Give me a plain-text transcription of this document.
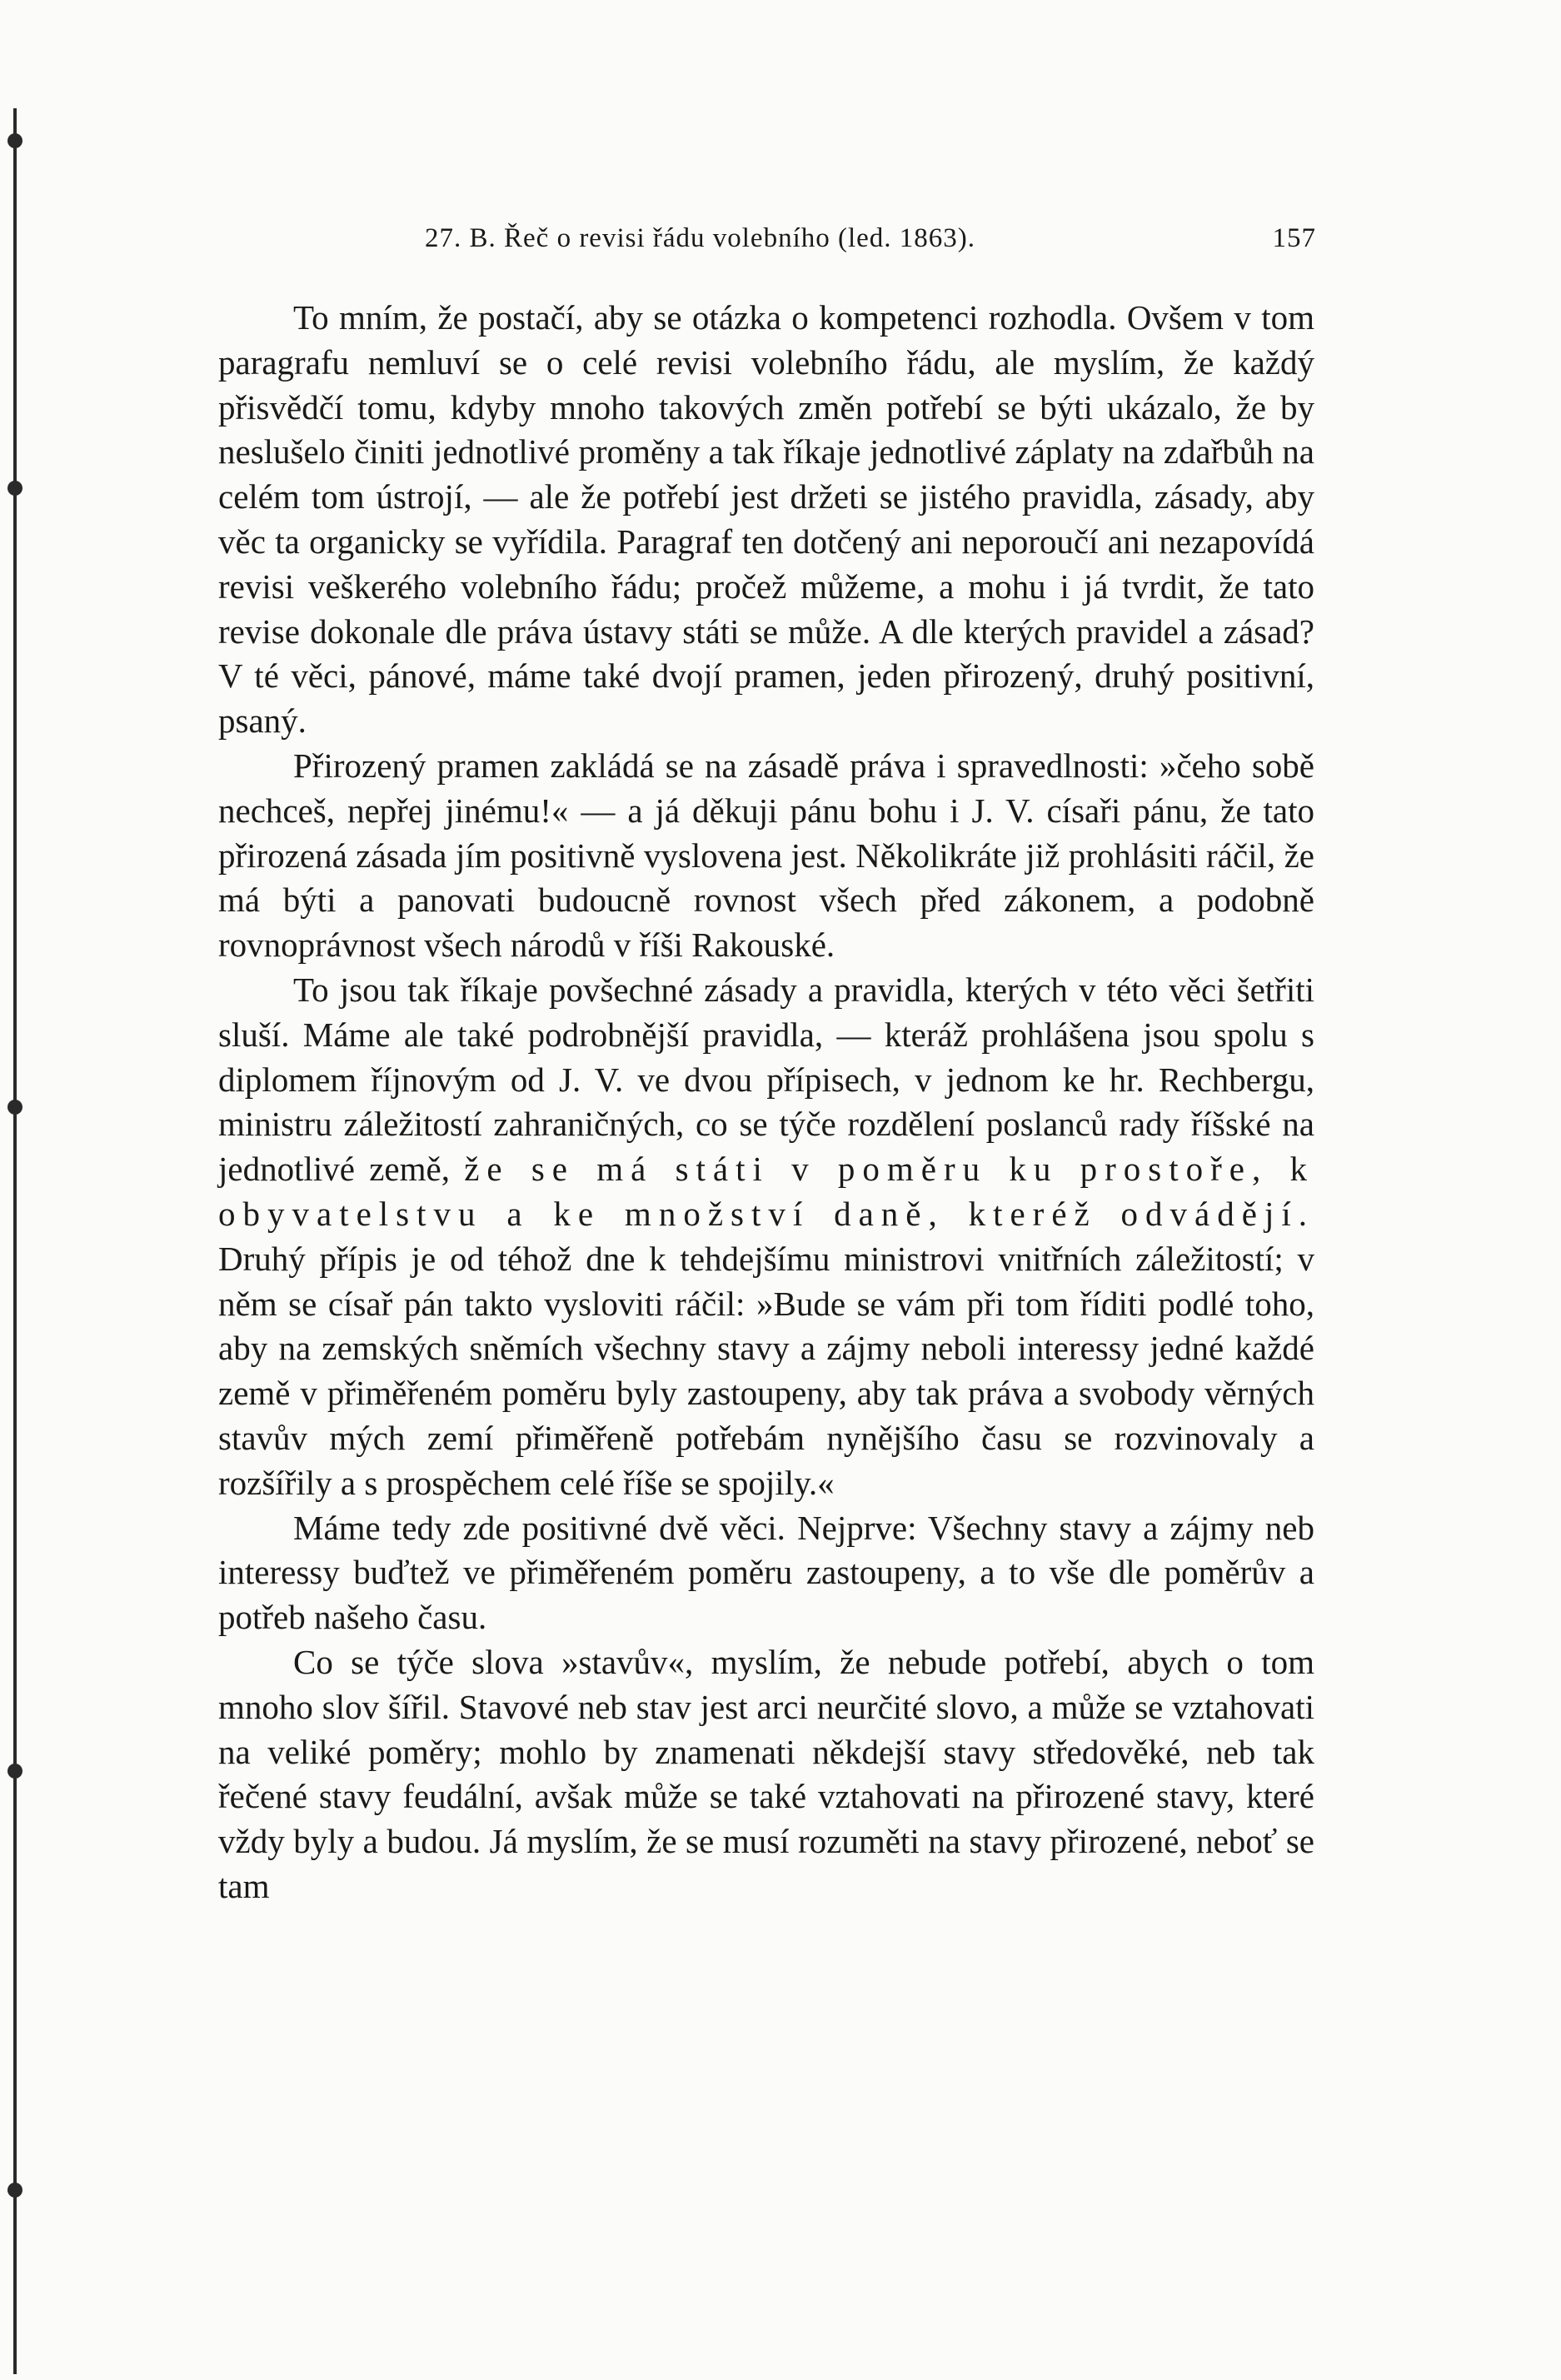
27. B. Řeč o revisi řádu volebního (led. 1863).	157

To mním, že postačí, aby se otázka o kompetenci rozhodla. Ovšem v tom paragrafu nemluví se o celé revisi volebního řádu, ale myslím, že každý přisvědčí tomu, kdyby mnoho takových změn potřebí se býti ukázalo, že by neslušelo činiti jednotlivé proměny a tak říkaje jednotlivé záplaty na zdařbůh na celém tom ústrojí, — ale že potřebí jest držeti se jistého pravidla, zásady, aby věc ta organicky se vyřídila. Paragraf ten dotčený ani neporoučí ani nezapovídá revisi veškerého volebního řádu; pročež můžeme, a mohu i já tvrdit, že tato revise dokonale dle práva ústavy státi se může. A dle kterých pravidel a zásad? V té věci, pánové, máme také dvojí pramen, jeden přirozený, druhý positivní, psaný.

Přirozený pramen zakládá se na zásadě práva i spravedlnosti: »čeho sobě nechceš, nepřej jinému!« — a já děkuji pánu bohu i J. V. císaři pánu, že tato přirozená zásada jím positivně vyslovena jest. Několikráte již prohlásiti ráčil, že má býti a panovati budoucně rovnost všech před zákonem, a podobně rovnoprávnost všech národů v říši Rakouské.

To jsou tak říkaje povšechné zásady a pravidla, kterých v této věci šetřiti sluší. Máme ale také podrobnější pravidla, — kteráž prohlášena jsou spolu s diplomem říjnovým od J. V. ve dvou přípisech, v jednom ke hr. Rechbergu, ministru záležitostí zahraničných, co se týče rozdělení poslanců rady říšské na jednotlivé země, že se má státi v poměru ku prostoře, k obyvatelstvu a ke množství daně, kteréž odvádějí. Druhý přípis je od téhož dne k tehdejšímu ministrovi vnitřních záležitostí; v něm se císař pán takto vysloviti ráčil: »Bude se vám při tom říditi podlé toho, aby na zemských sněmích všechny stavy a zájmy neboli interessy jedné každé země v přiměřeném poměru byly zastoupeny, aby tak práva a svobody věrných stavův mých zemí přiměřeně potřebám nynějšího času se rozvinovaly a rozšířily a s prospěchem celé říše se spojily.«

Máme tedy zde positivné dvě věci. Nejprve: Všechny stavy a zájmy neb interessy buďtež ve přiměřeném poměru zastoupeny, a to vše dle poměrův a potřeb našeho času.

Co se týče slova »stavův«, myslím, že nebude potřebí, abych o tom mnoho slov šířil. Stavové neb stav jest arci neurčité slovo, a může se vztahovati na veliké poměry; mohlo by znamenati někdejší stavy středověké, neb tak řečené stavy feudální, avšak může se také vztahovati na přirozené stavy, které vždy byly a budou. Já myslím, že se musí rozuměti na stavy přirozené, neboť se tam
